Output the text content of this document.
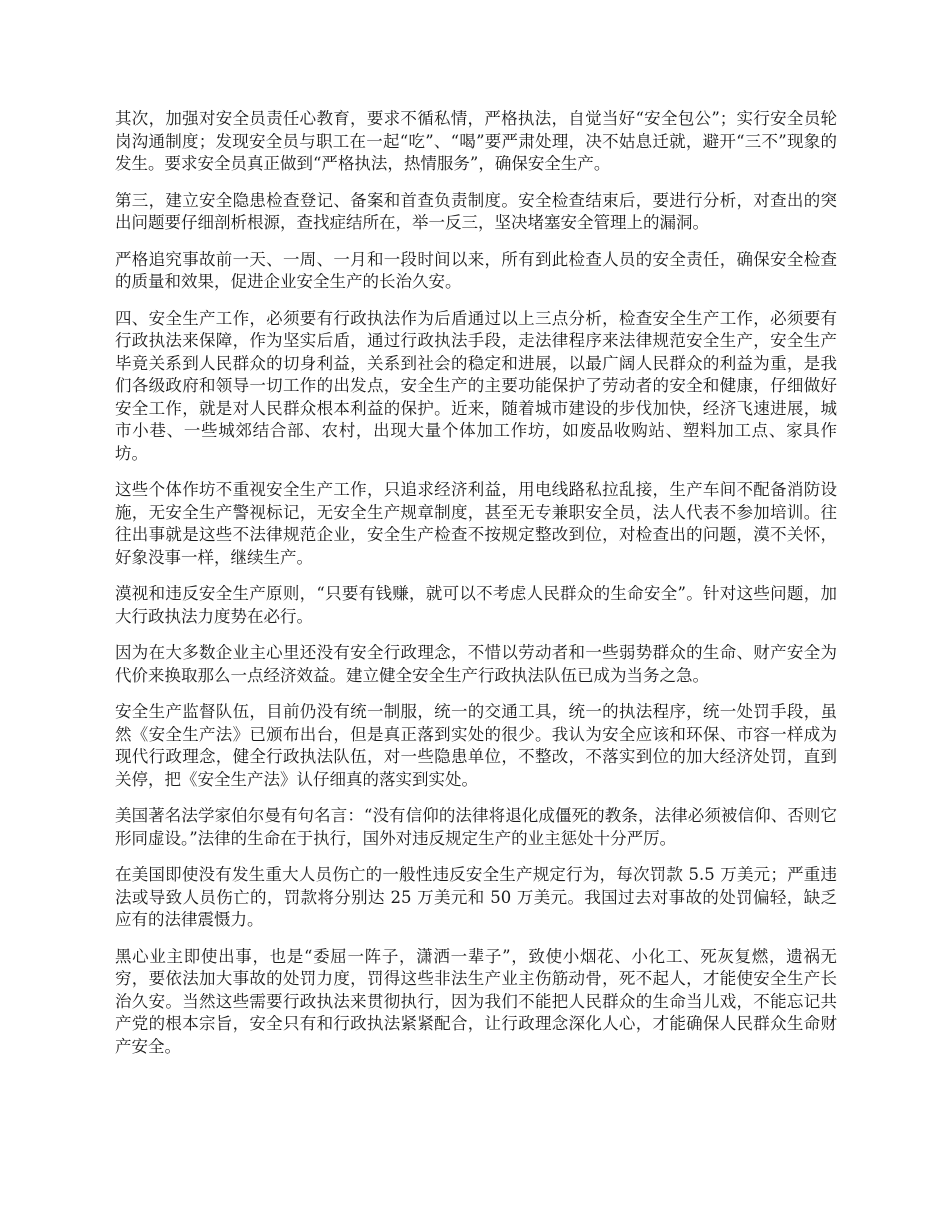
其次，加强对安全员责任心教育，要求不循私情，严格执法，自觉当好“安全包公”；实行安全员轮岗沟通制度；发现安全员与职工在一起“吃”、“喝”要严肃处理，决不姑息迁就，避开“三不”现象的发生。要求安全员真正做到“严格执法，热情服务”，确保安全生产。

第三，建立安全隐患检查登记、备案和首查负责制度。安全检查结束后，要进行分析，对查出的突出问题要仔细剖析根源，查找症结所在，举一反三，坚决堵塞安全管理上的漏洞。

严格追究事故前一天、一周、一月和一段时间以来，所有到此检查人员的安全责任，确保安全检查的质量和效果，促进企业安全生产的长治久安。

四、安全生产工作，必须要有行政执法作为后盾通过以上三点分析，检查安全生产工作，必须要有行政执法来保障，作为坚实后盾，通过行政执法手段，走法律程序来法律规范安全生产，安全生产毕竟关系到人民群众的切身利益，关系到社会的稳定和进展，以最广阔人民群众的利益为重，是我们各级政府和领导一切工作的出发点，安全生产的主要功能保护了劳动者的安全和健康，仔细做好安全工作，就是对人民群众根本利益的保护。近来，随着城市建设的步伐加快，经济飞速进展，城市小巷、一些城郊结合部、农村，出现大量个体加工作坊，如废品收购站、塑料加工点、家具作坊。

这些个体作坊不重视安全生产工作，只追求经济利益，用电线路私拉乱接，生产车间不配备消防设施，无安全生产警视标记，无安全生产规章制度，甚至无专兼职安全员，法人代表不参加培训。往往出事就是这些不法律规范企业，安全生产检查不按规定整改到位，对检查出的问题，漠不关怀，好象没事一样，继续生产。

漠视和违反安全生产原则，“只要有钱赚，就可以不考虑人民群众的生命安全”。针对这些问题，加大行政执法力度势在必行。

因为在大多数企业主心里还没有安全行政理念，不惜以劳动者和一些弱势群众的生命、财产安全为代价来换取那么一点经济效益。建立健全安全生产行政执法队伍已成为当务之急。

安全生产监督队伍，目前仍没有统一制服，统一的交通工具，统一的执法程序，统一处罚手段，虽然《安全生产法》已颁布出台，但是真正落到实处的很少。我认为安全应该和环保、市容一样成为现代行政理念，健全行政执法队伍，对一些隐患单位，不整改，不落实到位的加大经济处罚，直到关停，把《安全生产法》认仔细真的落实到实处。

美国著名法学家伯尔曼有句名言：“没有信仰的法律将退化成僵死的教条，法律必须被信仰、否则它形同虚设。”法律的生命在于执行，国外对违反规定生产的业主惩处十分严厉。

在美国即使没有发生重大人员伤亡的一般性违反安全生产规定行为，每次罚款 5.5 万美元；严重违法或导致人员伤亡的，罚款将分别达 25 万美元和 50 万美元。我国过去对事故的处罚偏轻，缺乏应有的法律震慑力。

黑心业主即使出事，也是“委屈一阵子，潇洒一辈子”，致使小烟花、小化工、死灰复燃，遗祸无穷，要依法加大事故的处罚力度，罚得这些非法生产业主伤筋动骨，死不起人，才能使安全生产长治久安。当然这些需要行政执法来贯彻执行，因为我们不能把人民群众的生命当儿戏，不能忘记共产党的根本宗旨，安全只有和行政执法紧紧配合，让行政理念深化人心，才能确保人民群众生命财产安全。
